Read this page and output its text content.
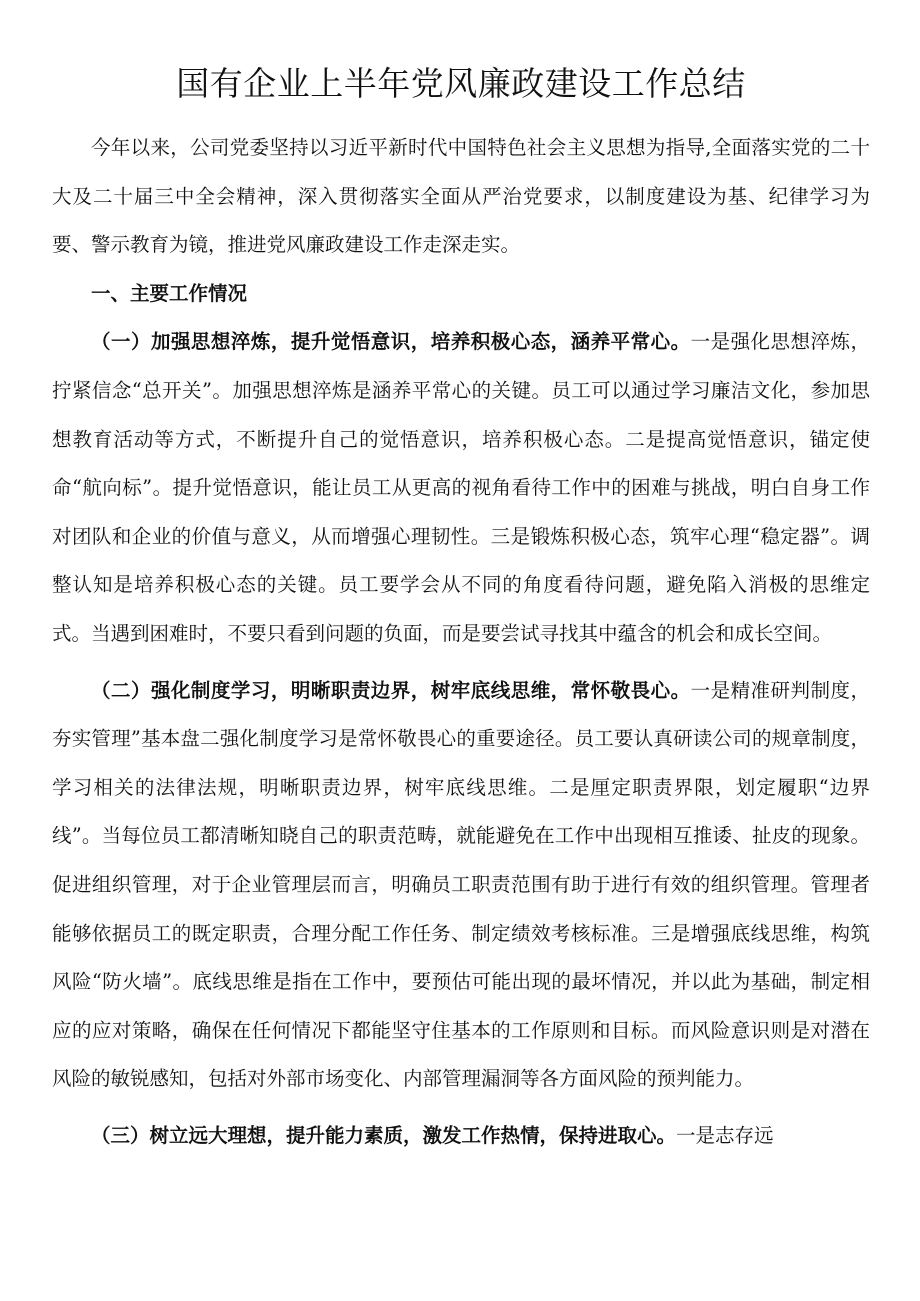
国有企业上半年党风廉政建设工作总结

今年以来，公司党委坚持以习近平新时代中国特色社会主义思想为指导,全面落实党的二十大及二十届三中全会精神，深入贯彻落实全面从严治党要求，以制度建设为基、纪律学习为要、警示教育为镜，推进党风廉政建设工作走深走实。

一、主要工作情况

（一）加强思想淬炼，提升觉悟意识，培养积极心态，涵养平常心。一是强化思想淬炼，拧紧信念“总开关”。加强思想淬炼是涵养平常心的关键。员工可以通过学习廉洁文化，参加思想教育活动等方式，不断提升自己的觉悟意识，培养积极心态。二是提高觉悟意识，锚定使命“航向标”。提升觉悟意识，能让员工从更高的视角看待工作中的困难与挑战，明白自身工作对团队和企业的价值与意义，从而增强心理韧性。三是锻炼积极心态，筑牢心理“稳定器”。调整认知是培养积极心态的关键。员工要学会从不同的角度看待问题，避免陷入消极的思维定式。当遇到困难时，不要只看到问题的负面，而是要尝试寻找其中蕴含的机会和成长空间。

（二）强化制度学习，明晰职责边界，树牢底线思维，常怀敬畏心。一是精准研判制度，夯实管理”基本盘二强化制度学习是常怀敬畏心的重要途径。员工要认真研读公司的规章制度，学习相关的法律法规，明晰职责边界，树牢底线思维。二是厘定职责界限，划定履职“边界线”。当每位员工都清晰知晓自己的职责范畴，就能避免在工作中出现相互推诿、扯皮的现象。促进组织管理，对于企业管理层而言，明确员工职责范围有助于进行有效的组织管理。管理者能够依据员工的既定职责，合理分配工作任务、制定绩效考核标准。三是增强底线思维，构筑风险“防火墙”。底线思维是指在工作中，要预估可能出现的最坏情况，并以此为基础，制定相应的应对策略，确保在任何情况下都能坚守住基本的工作原则和目标。而风险意识则是对潜在风险的敏锐感知，包括对外部市场变化、内部管理漏洞等各方面风险的预判能力。

（三）树立远大理想，提升能力素质，激发工作热情，保持进取心。一是志存远
